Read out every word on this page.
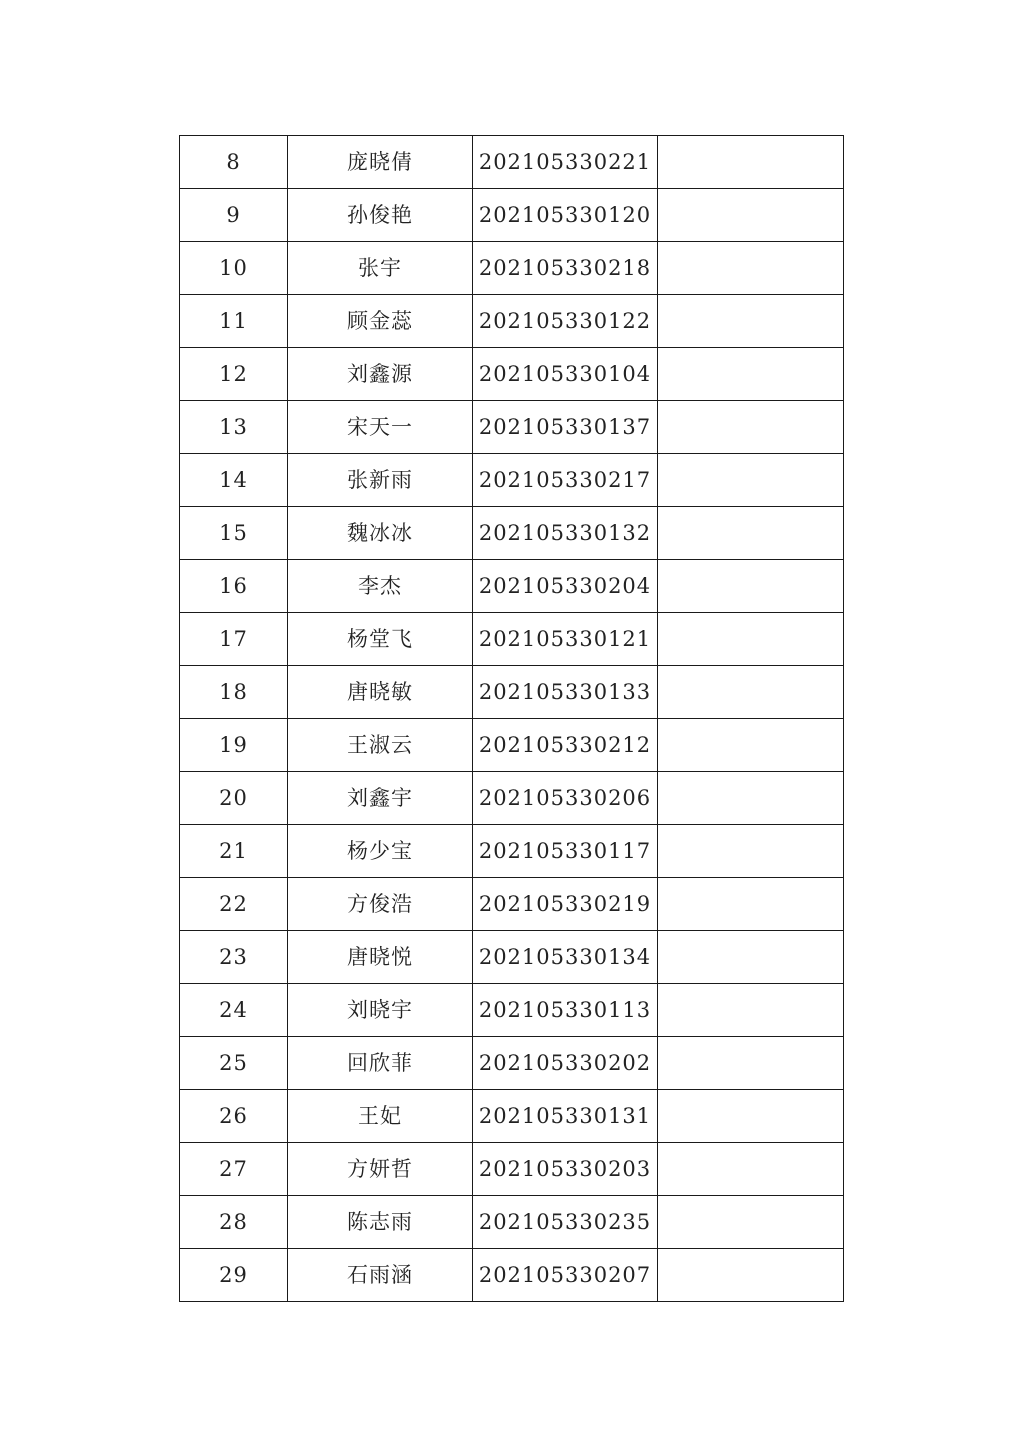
8	庞晓倩	202105330221	
9	孙俊艳	202105330120	
10	张宇	202105330218	
11	顾金蕊	202105330122	
12	刘鑫源	202105330104	
13	宋天一	202105330137	
14	张新雨	202105330217	
15	魏冰冰	202105330132	
16	李杰	202105330204	
17	杨堂飞	202105330121	
18	唐晓敏	202105330133	
19	王淑云	202105330212	
20	刘鑫宇	202105330206	
21	杨少宝	202105330117	
22	方俊浩	202105330219	
23	唐晓悦	202105330134	
24	刘晓宇	202105330113	
25	回欣菲	202105330202	
26	王妃	202105330131	
27	方妍哲	202105330203	
28	陈志雨	202105330235	
29	石雨涵	202105330207	
